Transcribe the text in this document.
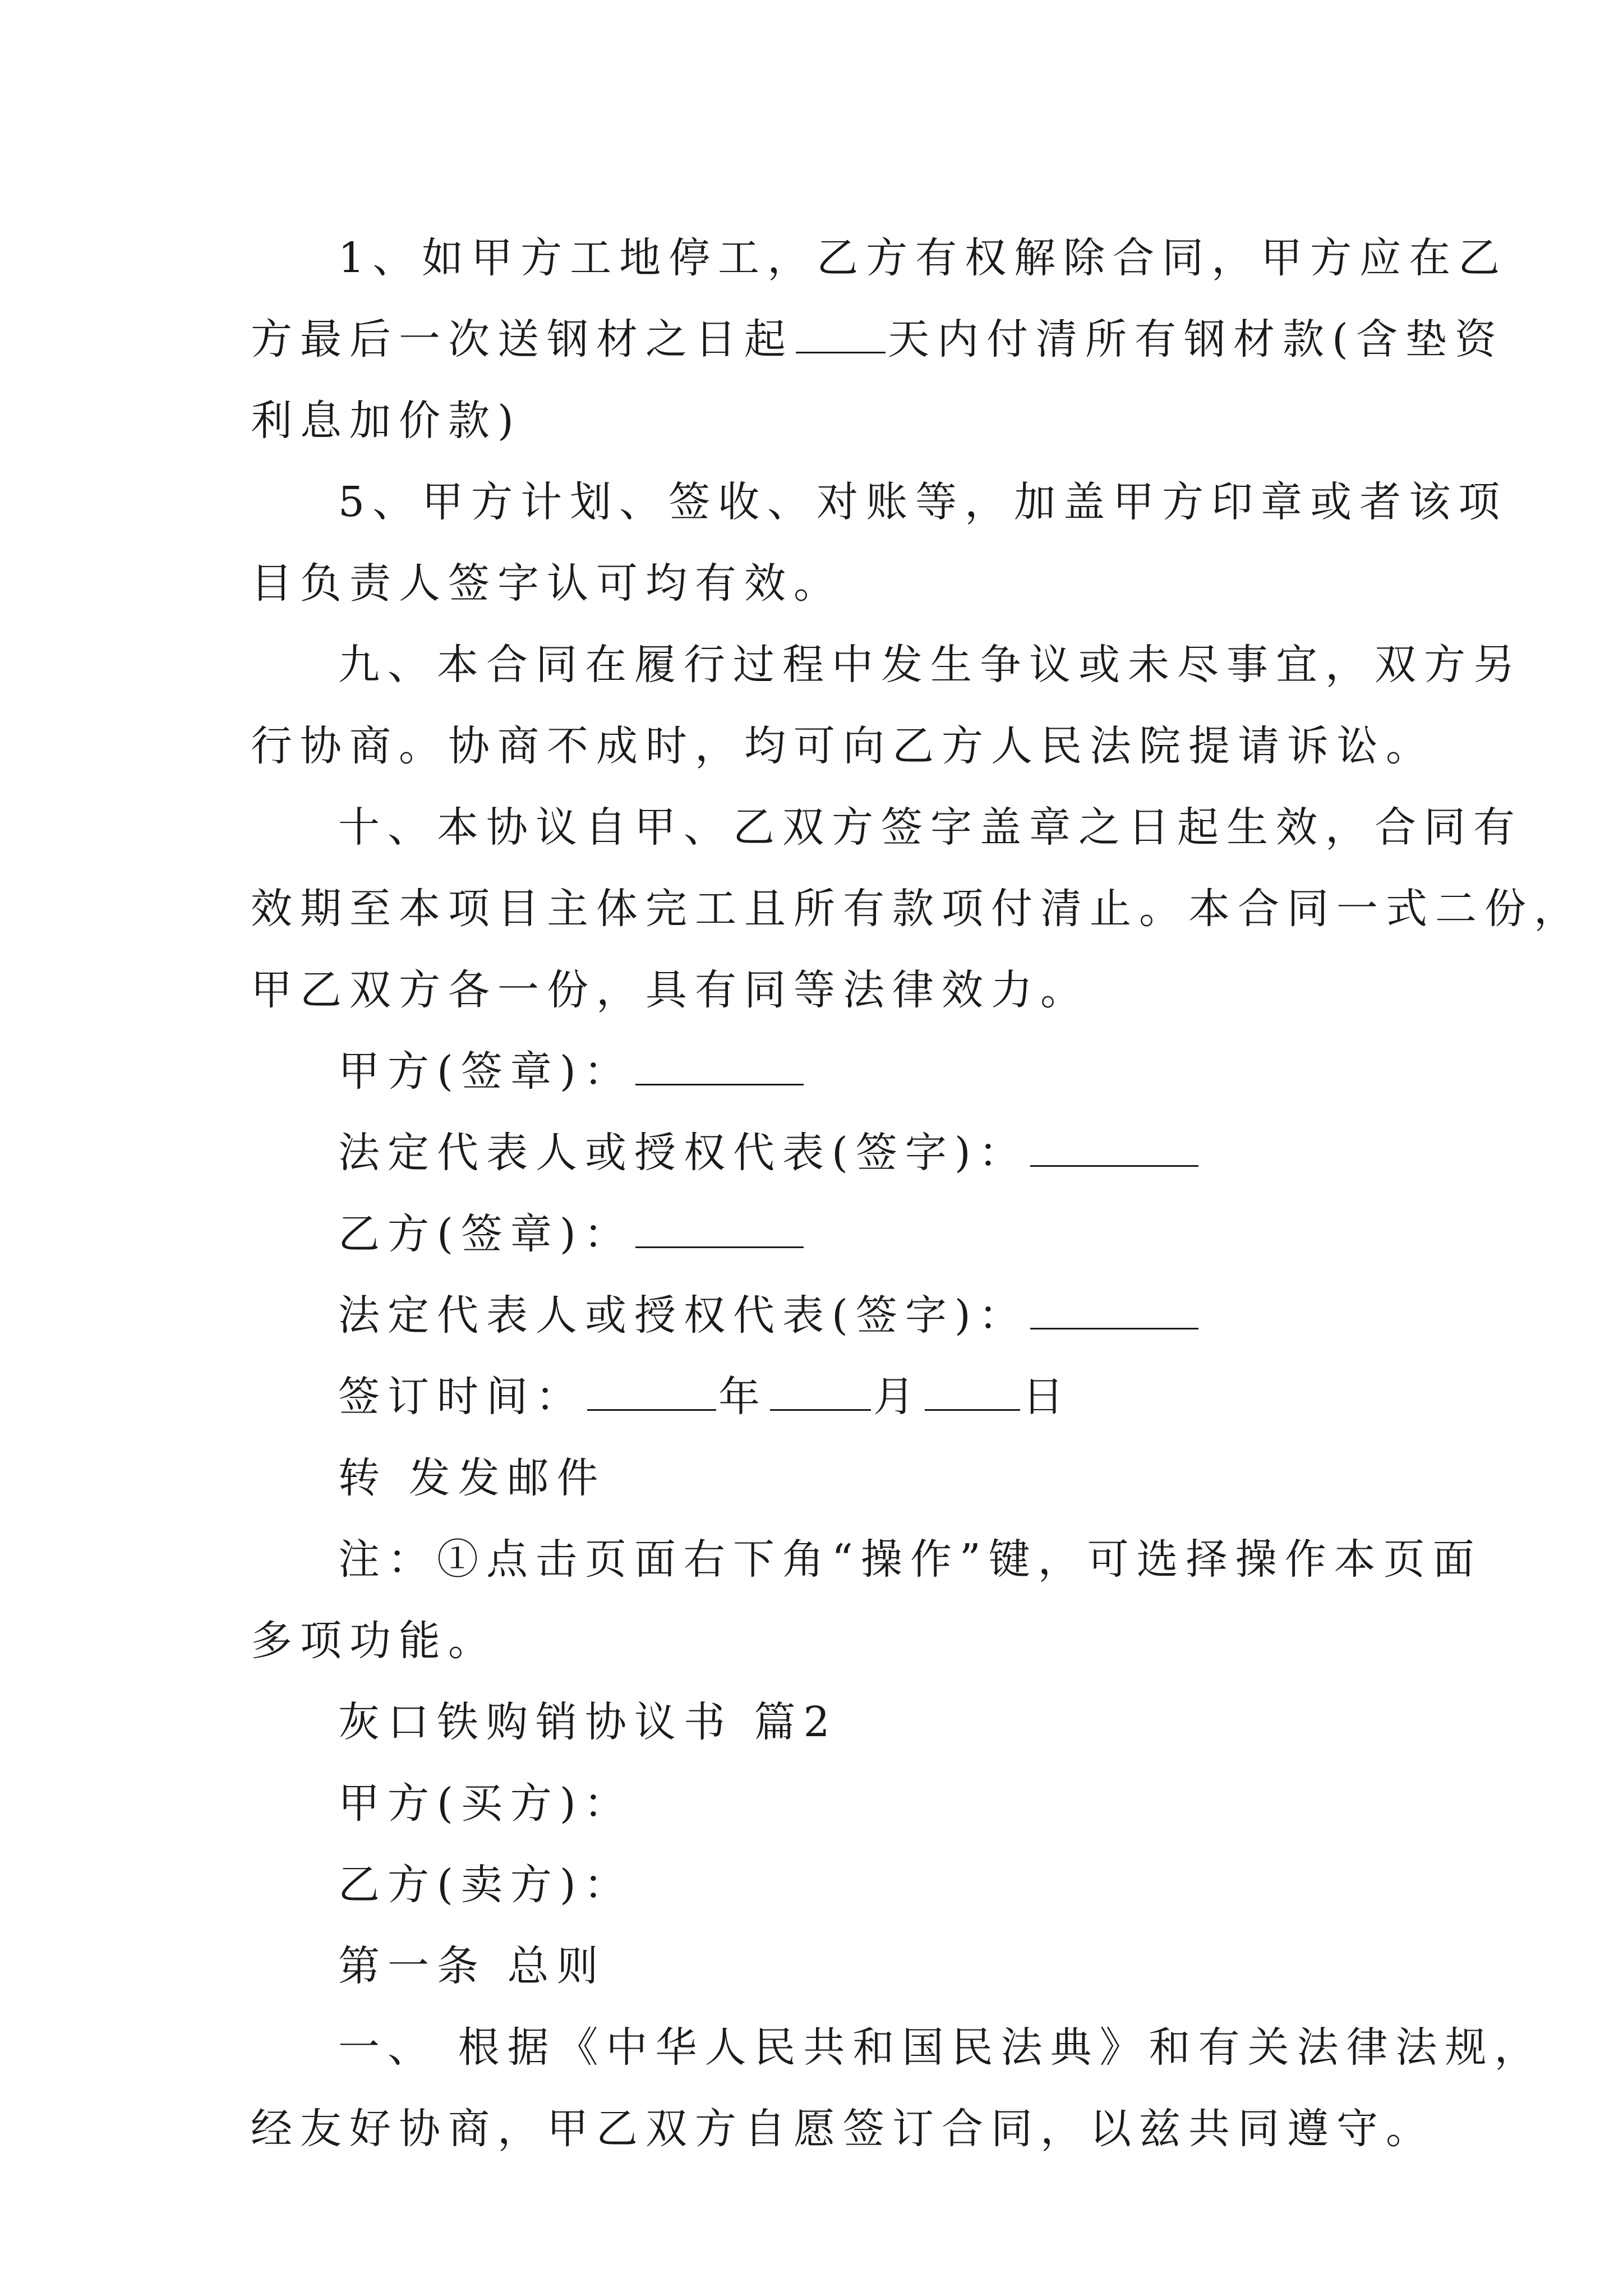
1、如甲方工地停工，乙方有权解除合同，甲方应在乙

方最后一次送钢材之日起 天内付清所有钢材款(含垫资

利息加价款)

5、甲方计划、签收、对账等，加盖甲方印章或者该项

目负责人签字认可均有效。

九、本合同在履行过程中发生争议或未尽事宜，双方另

行协商。协商不成时，均可向乙方人民法院提请诉讼。

十、本协议自甲、乙双方签字盖章之日起生效，合同有

效期至本项目主体完工且所有款项付清止。本合同一式二份，

甲乙双方各一份，具有同等法律效力。

甲方(签章)：

法定代表人或授权代表(签字)：

乙方(签章)：

法定代表人或授权代表(签字)：

签订时间：	年	月 日

转 发发邮件

注：①点击页面右下角“操作”键，可选择操作本页面

多项功能。

灰口铁购销协议书 篇2

甲方(买方)：

乙方(卖方)：

第一条 总则

一、 根据《中华人民共和国民法典》和有关法律法规，

经友好协商，甲乙双方自愿签订合同，以兹共同遵守。
